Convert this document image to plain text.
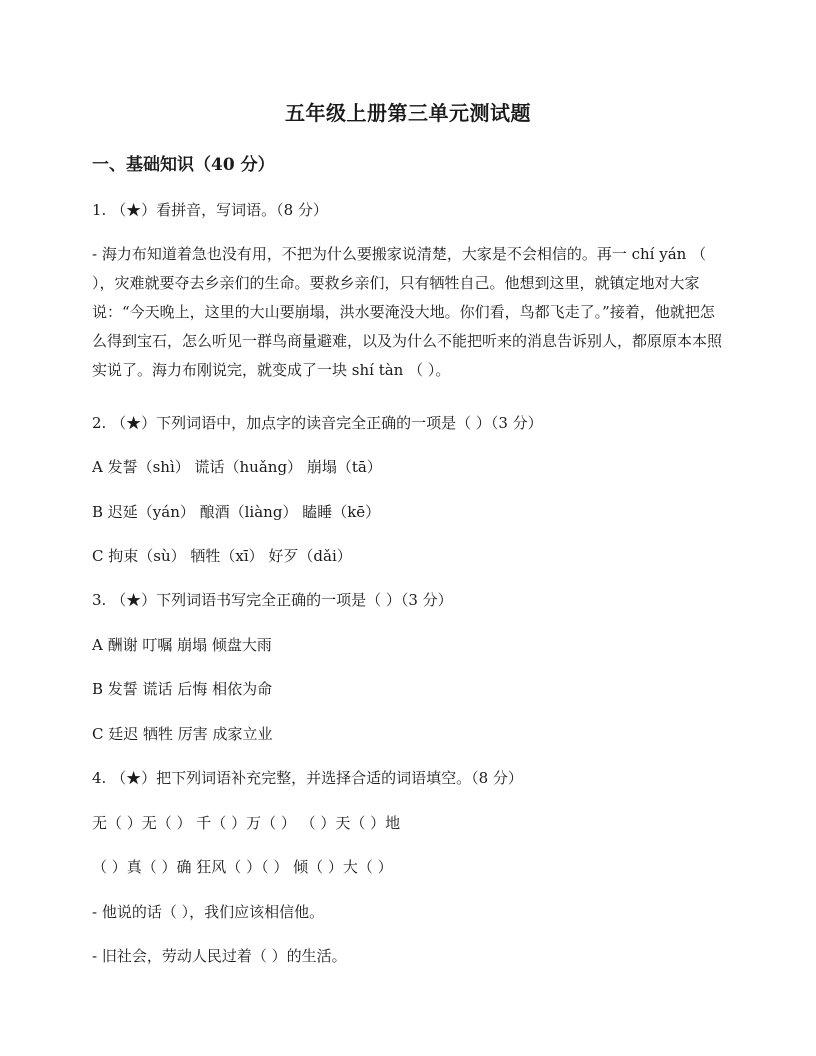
五年级上册第三单元测试题
一、基础知识（40 分）
1. （★）看拼音，写词语。（8 分）
- 海力布知道着急也没有用，不把为什么要搬家说清楚，大家是不会相信的。再一 chí yán （ ），灾难就要夺去乡亲们的生命。要救乡亲们，只有牺牲自己。他想到这里，就镇定地对大家说：“今天晚上，这里的大山要崩塌，洪水要淹没大地。你们看，鸟都飞走了。”接着，他就把怎么得到宝石，怎么听见一群鸟商量避难，以及为什么不能把听来的消息告诉别人，都原原本本照实说了。海力布刚说完，就变成了一块 shí tàn （ ）。
2. （★）下列词语中，加点字的读音完全正确的一项是（ ）（3 分）
A 发誓（shì） 谎话（huǎng） 崩塌（tā）
B 迟延（yán） 酿酒（liàng） 瞌睡（kē）
C 拘束（sù） 牺牲（xī） 好歹（dǎi）
3. （★）下列词语书写完全正确的一项是（ ）（3 分）
A 酬谢 叮嘱 崩塌 倾盘大雨
B 发誓 谎话 后悔 相依为命
C 廷迟 牺牲 厉害 成家立业
4. （★）把下列词语补充完整，并选择合适的词语填空。（8 分）
无（ ）无（ ） 千（ ）万（ ） （ ）天（ ）地
（ ）真（ ）确 狂风（ ）（ ） 倾（ ）大（ ）
- 他说的话（ ），我们应该相信他。
- 旧社会，劳动人民过着（ ）的生活。
